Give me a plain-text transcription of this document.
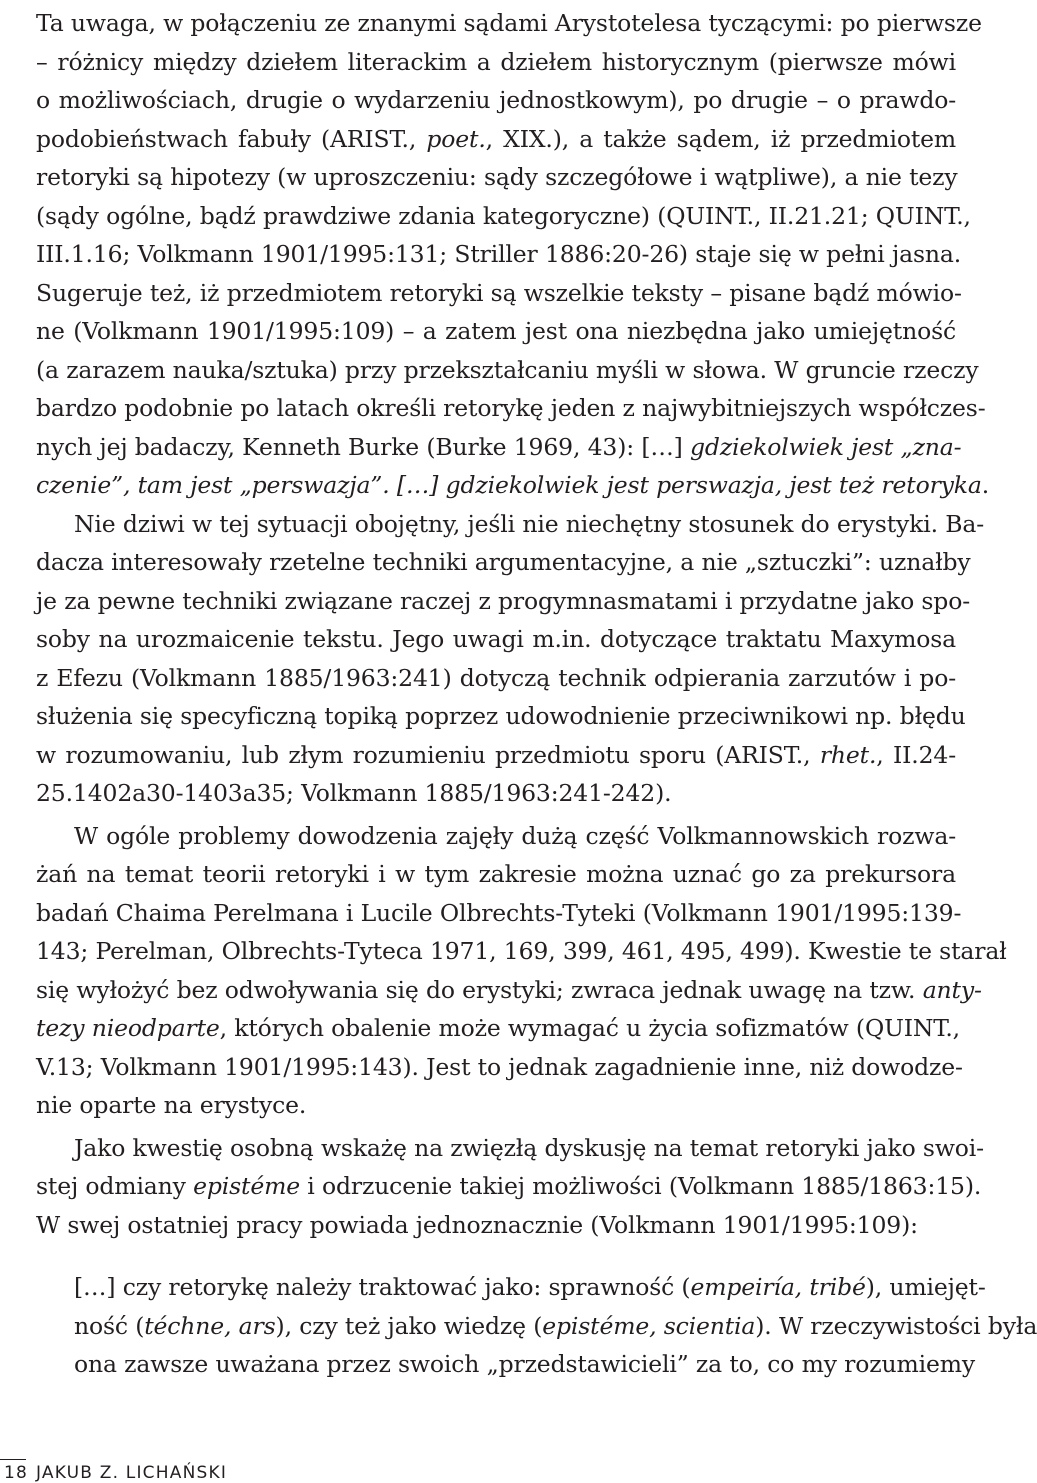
Ta uwaga, w połączeniu ze znanymi sądami Arystotelesa tyczącymi: po pierwsze
– różnicy między dziełem literackim a dziełem historycznym (pierwsze mówi
o możliwościach, drugie o wydarzeniu jednostkowym), po drugie – o prawdo-
podobieństwach fabuły (ARIST., poet., XIX.), a także sądem, iż przedmiotem
retoryki są hipotezy (w uproszczeniu: sądy szczegółowe i wątpliwe), a nie tezy
(sądy ogólne, bądź prawdziwe zdania kategoryczne) (QUINT., II.21.21; QUINT.,
III.1.16; Volkmann 1901/1995:131; Striller 1886:20-26) staje się w pełni jasna.
Sugeruje też, iż przedmiotem retoryki są wszelkie teksty – pisane bądź mówio-
ne (Volkmann 1901/1995:109) – a zatem jest ona niezbędna jako umiejętność
(a zarazem nauka/sztuka) przy przekształcaniu myśli w słowa. W gruncie rzeczy
bardzo podobnie po latach określi retorykę jeden z najwybitniejszych współczes-
nych jej badaczy, Kenneth Burke (Burke 1969, 43): […] gdziekolwiek jest „zna-
czenie”, tam jest „perswazja”. […] gdziekolwiek jest perswazja, jest też retoryka.
Nie dziwi w tej sytuacji obojętny, jeśli nie niechętny stosunek do erystyki. Ba-
dacza interesowały rzetelne techniki argumentacyjne, a nie „sztuczki”: uznałby
je za pewne techniki związane raczej z progymnasmatami i przydatne jako spo-
soby na urozmaicenie tekstu. Jego uwagi m.in. dotyczące traktatu Maxymosa
z Efezu (Volkmann 1885/1963:241) dotyczą technik odpierania zarzutów i po-
służenia się specyficzną topiką poprzez udowodnienie przeciwnikowi np. błędu
w rozumowaniu, lub złym rozumieniu przedmiotu sporu (ARIST., rhet., II.24-
25.1402a30-1403a35; Volkmann 1885/1963:241-242).
W ogóle problemy dowodzenia zajęły dużą część Volkmannowskich rozwa-
żań na temat teorii retoryki i w tym zakresie można uznać go za prekursora
badań Chaima Perelmana i Lucile Olbrechts-Tyteki (Volkmann 1901/1995:139-
143; Perelman, Olbrechts-Tyteca 1971, 169, 399, 461, 495, 499). Kwestie te starał
się wyłożyć bez odwoływania się do erystyki; zwraca jednak uwagę na tzw. anty-
tezy nieodparte, których obalenie może wymagać u życia sofizmatów (QUINT.,
V.13; Volkmann 1901/1995:143). Jest to jednak zagadnienie inne, niż dowodze-
nie oparte na erystyce.
Jako kwestię osobną wskażę na zwięzłą dyskusję na temat retoryki jako swoi-
stej odmiany epistéme i odrzucenie takiej możliwości (Volkmann 1885/1863:15).
W swej ostatniej pracy powiada jednoznacznie (Volkmann 1901/1995:109):
[…] czy retorykę należy traktować jako: sprawność (empeiría, tribé), umiejęt-
ność (téchne, ars), czy też jako wiedzę (epistéme, scientia). W rzeczywistości była
ona zawsze uważana przez swoich „przedstawicieli” za to, co my rozumiemy
18 JAKUB Z. LICHAŃSKI
